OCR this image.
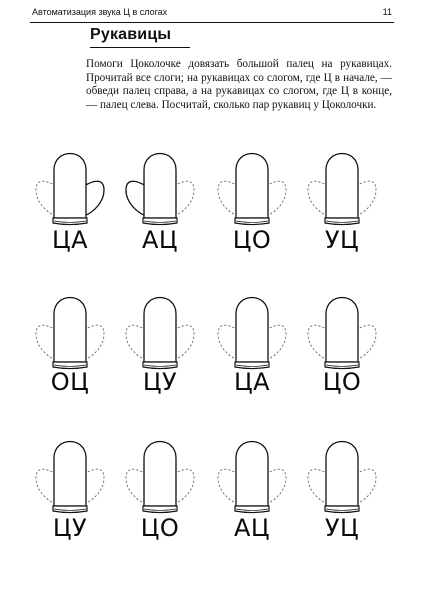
Автоматизация звука Ц в слогах	11
Рукавицы

Помоги Цоколочке довязать большой палец на рукавицах. Прочитай все слоги; на рукавицах со слогом, где Ц в начале, — обведи палец справа, а на рукавицах со слогом, где Ц в конце, — палец слева. Посчитай, сколько пар рукавиц у Цоколочки.

ЦА	АЦ	ЦО	УЦ
ОЦ	ЦУ	ЦА	ЦО
ЦУ	ЦО	АЦ	УЦ
